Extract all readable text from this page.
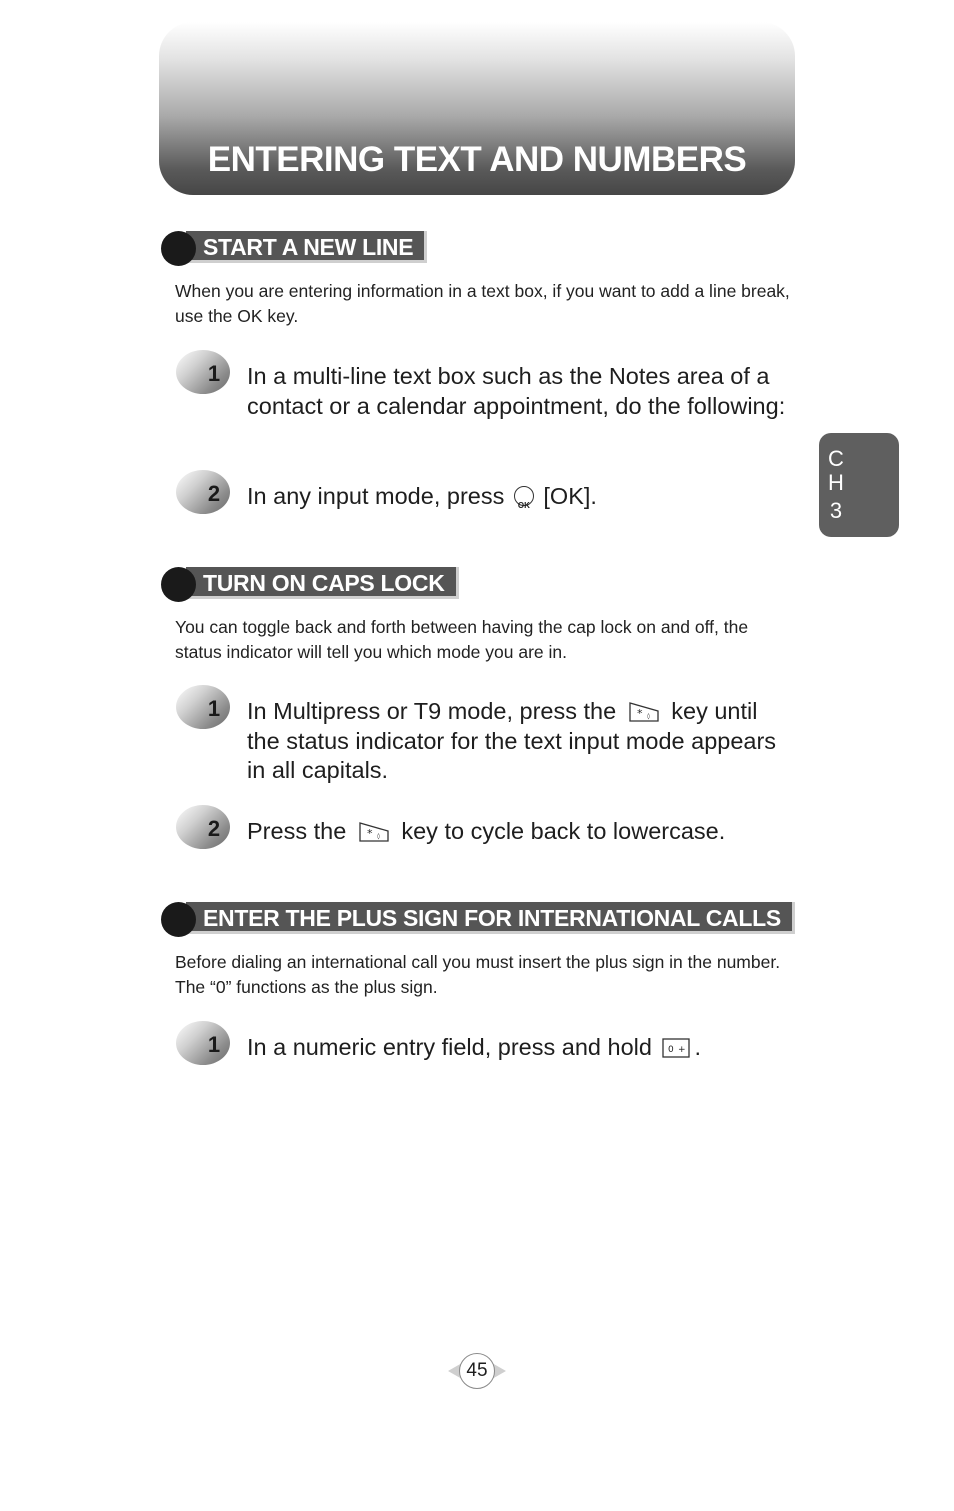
ENTERING TEXT AND NUMBERS
C
H
3
START A NEW LINE
When you are entering information in a text box, if you want to add a line break, use the OK key.
1 In a multi-line text box such as the Notes area of a contact or a calendar appointment, do the following:
2 In any input mode, press	OK [OK].
TURN ON CAPS LOCK
You can toggle back and forth between having the cap lock on and off, the status indicator will tell you which mode you are in.
1 In Multipress or T9 mode, press the * ◊ key until the status indicator for the text input mode appears in all capitals.
2 Press the * ◊ key to cycle back to lowercase.
ENTER THE PLUS SIGN FOR INTERNATIONAL CALLS
Before dialing an international call you must insert the plus sign in the number. The “0” functions as the plus sign.
1 In a numeric entry field, press and hold 0 + .
45
